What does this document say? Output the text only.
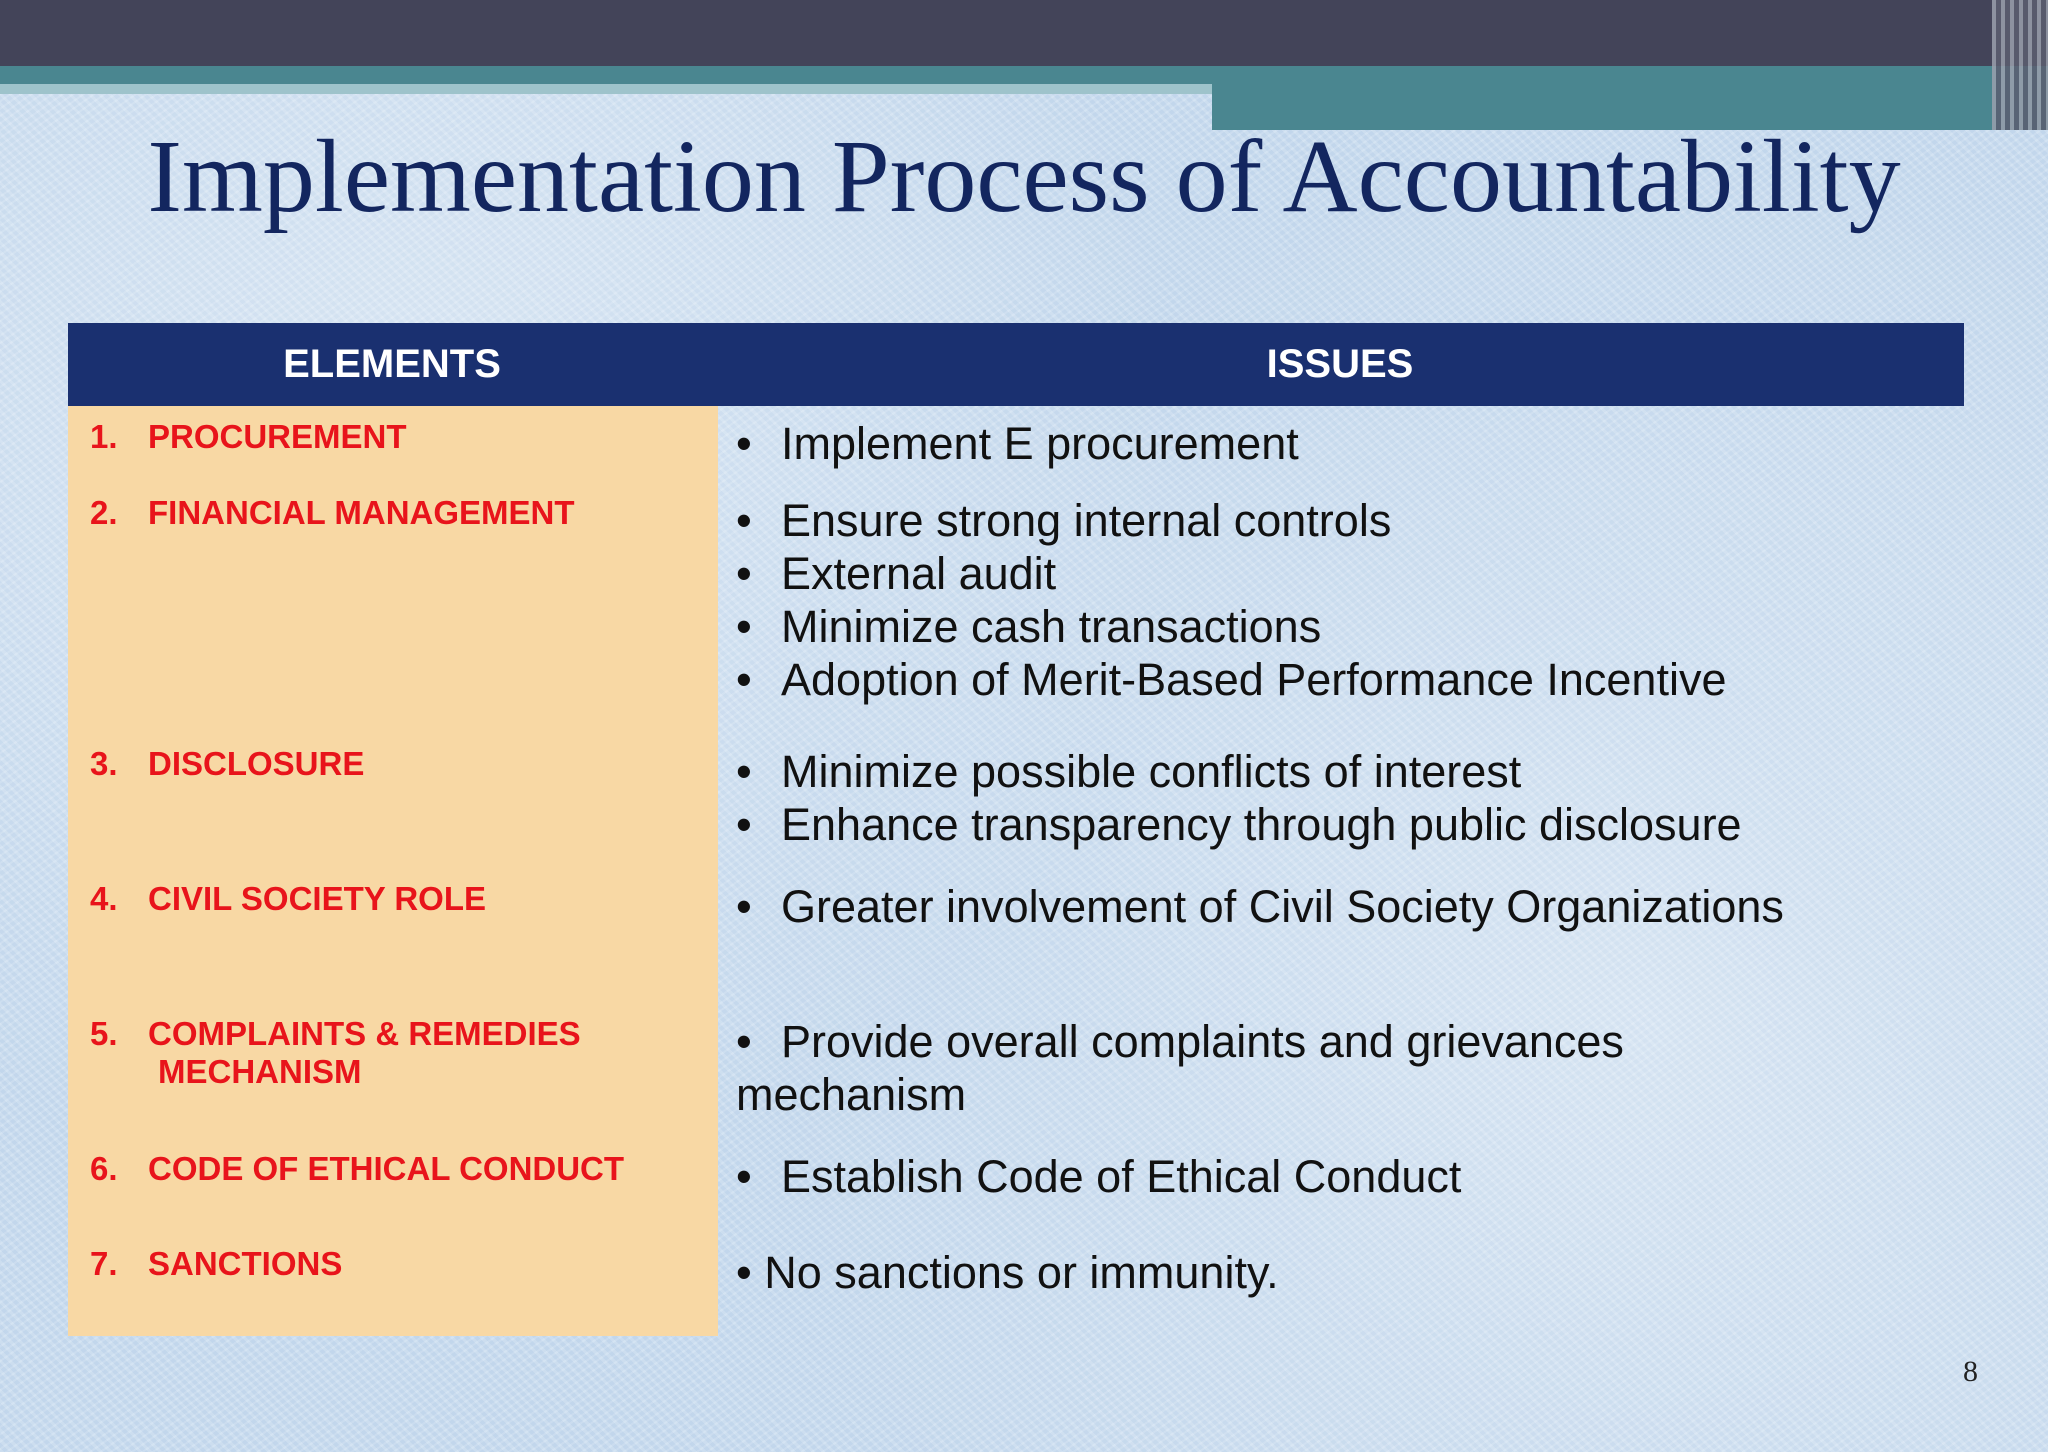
Implementation Process of Accountability
ELEMENTS	ISSUES
1. PROCUREMENT
2. FINANCIAL MANAGEMENT
3. DISCLOSURE
4. CIVIL SOCIETY ROLE
5. COMPLAINTS & REMEDIES
MECHANISM
6. CODE OF ETHICAL CONDUCT
7. SANCTIONS
• Implement E procurement
• Ensure strong internal controls
• External audit
• Minimize cash transactions
• Adoption of Merit-Based Performance Incentive
• Minimize possible conflicts of interest
• Enhance transparency through public disclosure
• Greater involvement of Civil Society Organizations
• Provide overall complaints and grievances
mechanism
• Establish Code of Ethical Conduct
• No sanctions or immunity.
8
